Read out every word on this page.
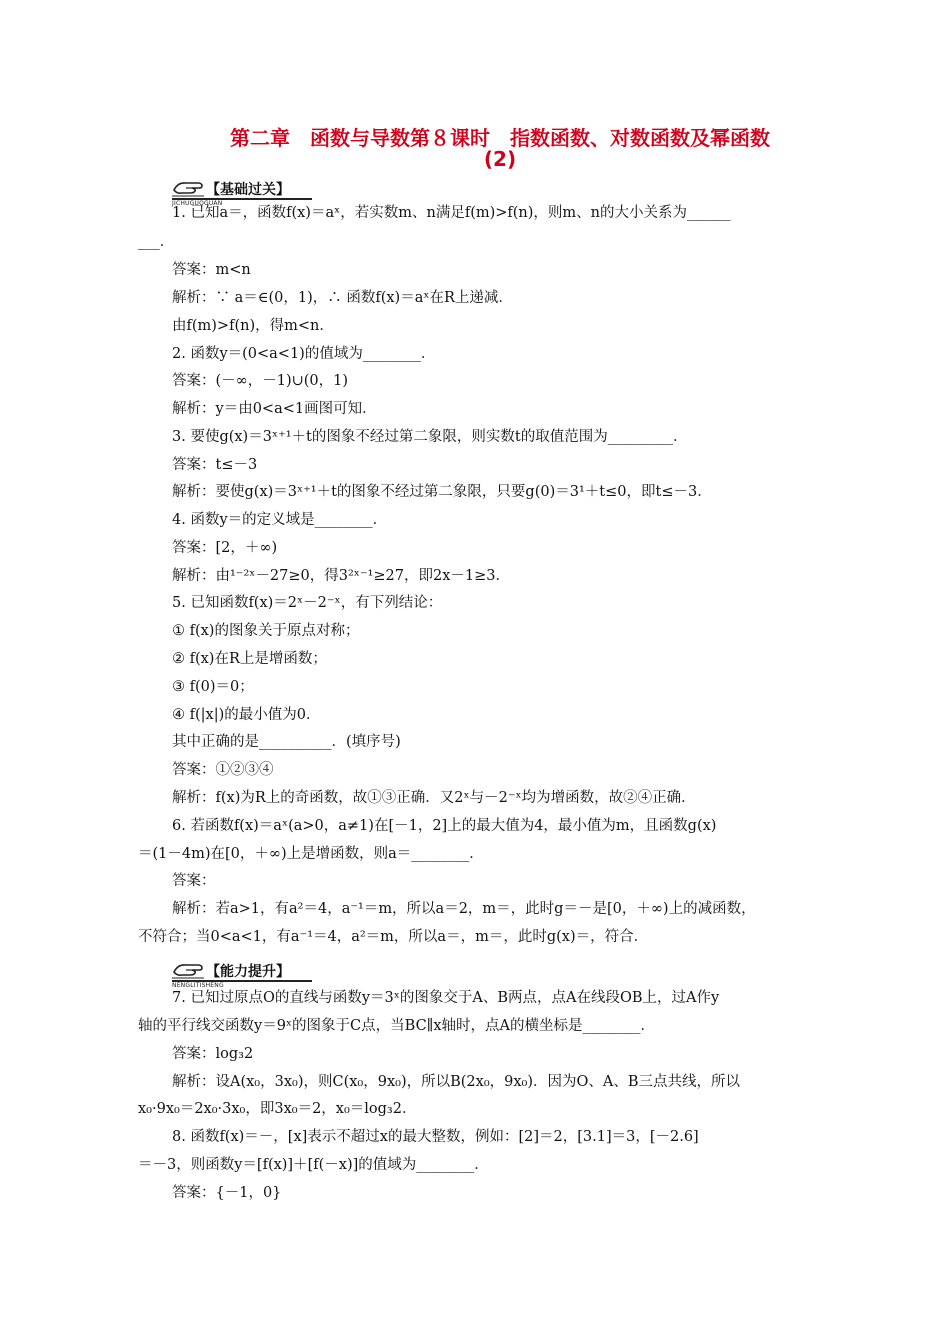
第二章　函数与导数第８课时　指数函数、对数函数及幂函数
(2)
【基础过关】
JICHUGUOGUAN
1. 已知a＝，函数f(x)＝aˣ，若实数m、n满足f(m)>f(n)，则m、n的大小关系为______
___．
答案：m<n
解析：∵ a＝∈(0，1)，∴ 函数f(x)＝aˣ在R上递减．
由f(m)>f(n)，得m<n．
2. 函数y＝(0<a<1)的值域为________．
答案：(－∞，－1)∪(0，1)
解析：y＝由0<a<1画图可知．
3. 要使g(x)＝3ˣ⁺¹＋t的图象不经过第二象限，则实数t的取值范围为_________．
答案：t≤－3
解析：要使g(x)＝3ˣ⁺¹＋t的图象不经过第二象限，只要g(0)＝3¹＋t≤0，即t≤－3．
4. 函数y＝的定义域是________．
答案：[2，＋∞)
解析：由¹⁻²ˣ－27≥0，得3²ˣ⁻¹≥27，即2x－1≥3．
5. 已知函数f(x)＝2ˣ－2⁻ˣ，有下列结论：
① f(x)的图象关于原点对称；
② f(x)在R上是增函数；
③ f(0)＝0；
④ f(|x|)的最小值为0．
其中正确的是__________．(填序号)
答案：①②③④
解析：f(x)为R上的奇函数，故①③正确．又2ˣ与－2⁻ˣ均为增函数，故②④正确．
6. 若函数f(x)＝aˣ(a>0，a≠1)在[－1，2]上的最大值为4，最小值为m，且函数g(x)
＝(1－4m)在[0，＋∞)上是增函数，则a＝________．
答案：
解析：若a>1，有a²＝4，a⁻¹＝m，所以a＝2，m＝，此时g＝－是[0，＋∞)上的减函数，
不符合；当0<a<1，有a⁻¹＝4，a²＝m，所以a＝，m＝，此时g(x)＝，符合．
【能力提升】
NENGLITISHENG
7. 已知过原点O的直线与函数y＝3ˣ的图象交于A、B两点，点A在线段OB上，过A作y
轴的平行线交函数y＝9ˣ的图象于C点，当BC∥x轴时，点A的横坐标是________．
答案：log₃2
解析：设A(x₀，3x₀)，则C(x₀，9x₀)，所以B(2x₀，9x₀)．因为O、A、B三点共线，所以
x₀·9x₀＝2x₀·3x₀，即3x₀＝2，x₀＝log₃2．
8. 函数f(x)＝－，[x]表示不超过x的最大整数，例如：[2]＝2，[3.1]＝3，[－2.6]
＝－3，则函数y＝[f(x)]＋[f(－x)]的值域为________．
答案：{－1，0}
